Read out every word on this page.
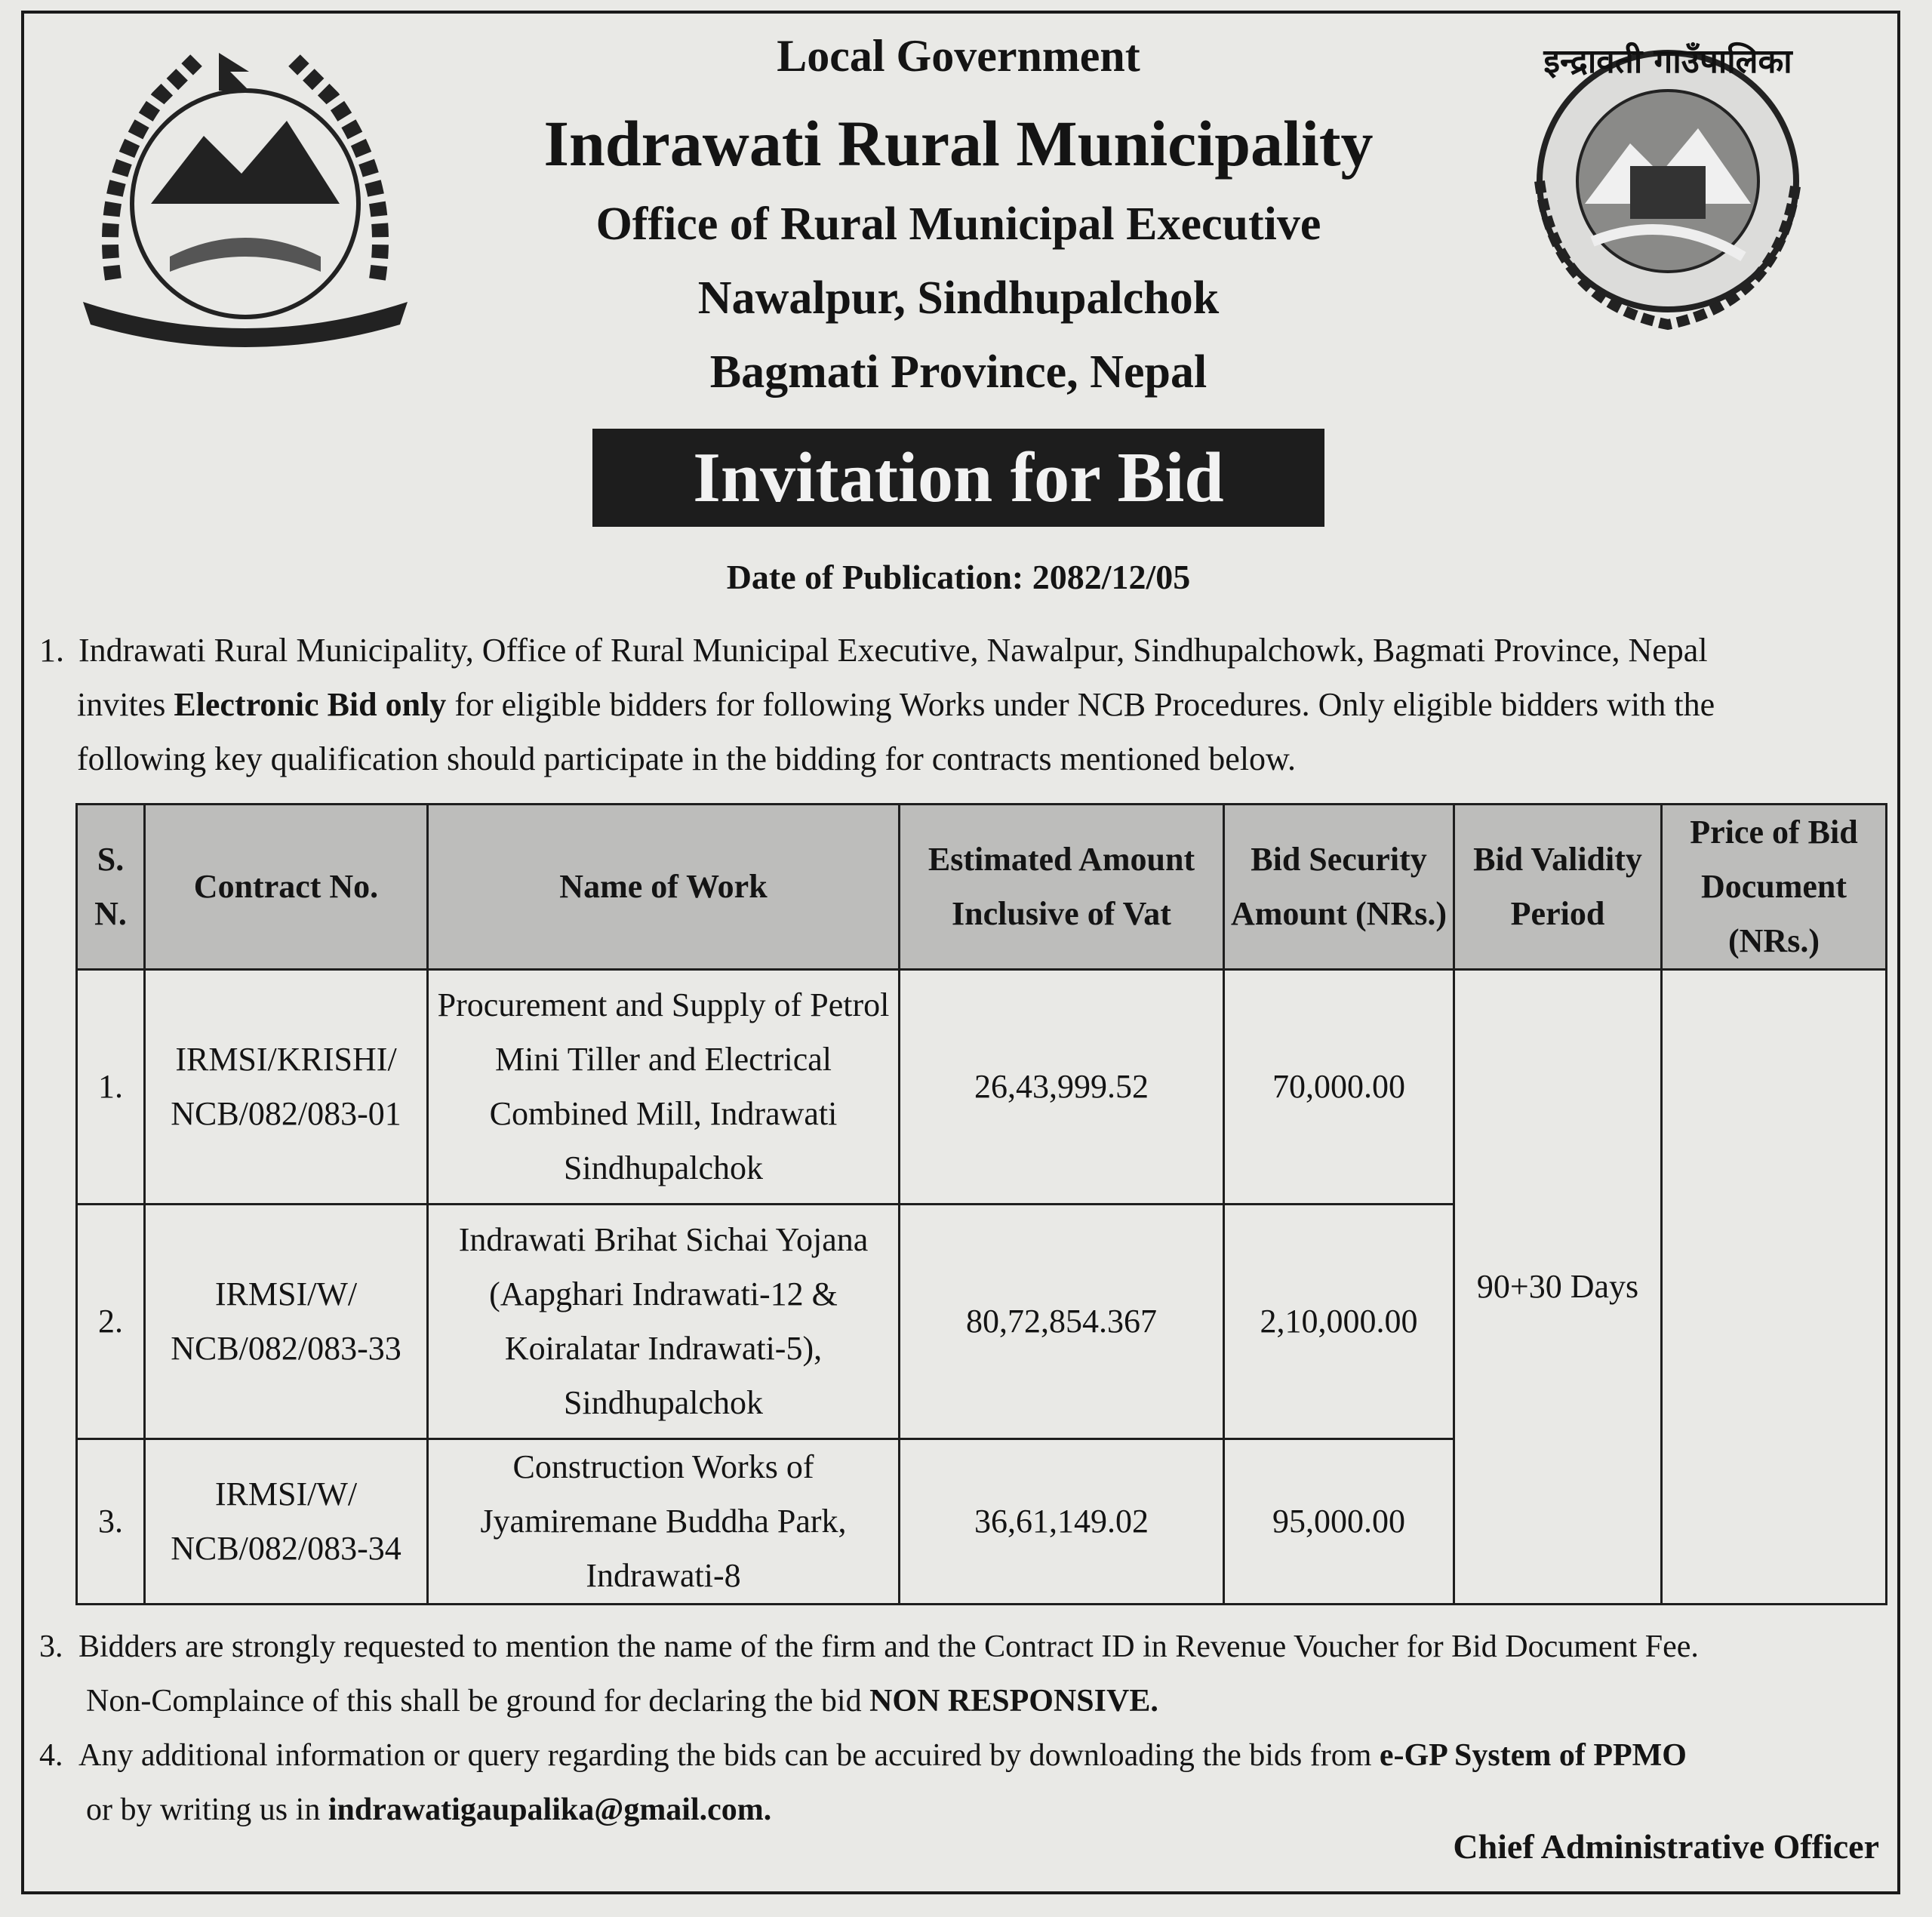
इन्द्रावती गाउँपालिका
Local Government
Indrawati Rural Municipality
Office of Rural Municipal Executive
Nawalpur, Sindhupalchok
Bagmati Province, Nepal
Invitation for Bid
Date of Publication: 2082/12/05
1. Indrawati Rural Municipality, Office of Rural Municipal Executive, Nawalpur, Sindhupalchowk, Bagmati Province, Nepal
invites Electronic Bid only for eligible bidders for following Works under NCB Procedures. Only eligible bidders with the
following key qualification should participate in the bidding for contracts mentioned below.
S. N.	Contract No.	Name of Work	Estimated Amount Inclusive of Vat	Bid Security Amount (NRs.)	Bid Validity Period	Price of Bid Document (NRs.)
1.	IRMSI/KRISHI/ NCB/082/083-01	Procurement and Supply of Petrol Mini Tiller and Electrical Combined Mill, Indrawati Sindhupalchok	26,43,999.52	70,000.00	90+30 Days	
2.	IRMSI/W/ NCB/082/083-33	Indrawati Brihat Sichai Yojana (Aapghari Indrawati-12 & Koiralatar Indrawati-5), Sindhupalchok	80,72,854.367	2,10,000.00		
3.	IRMSI/W/ NCB/082/083-34	Construction Works of Jyamiremane Buddha Park, Indrawati-8	36,61,149.02	95,000.00		
3. Bidders are strongly requested to mention the name of the firm and the Contract ID in Revenue Voucher for Bid Document Fee.
Non-Complaince of this shall be ground for declaring the bid NON RESPONSIVE.
4. Any additional information or query regarding the bids can be accuired by downloading the bids from e-GP System of PPMO
or by writing us in indrawatigaupalika@gmail.com.
Chief Administrative Officer
